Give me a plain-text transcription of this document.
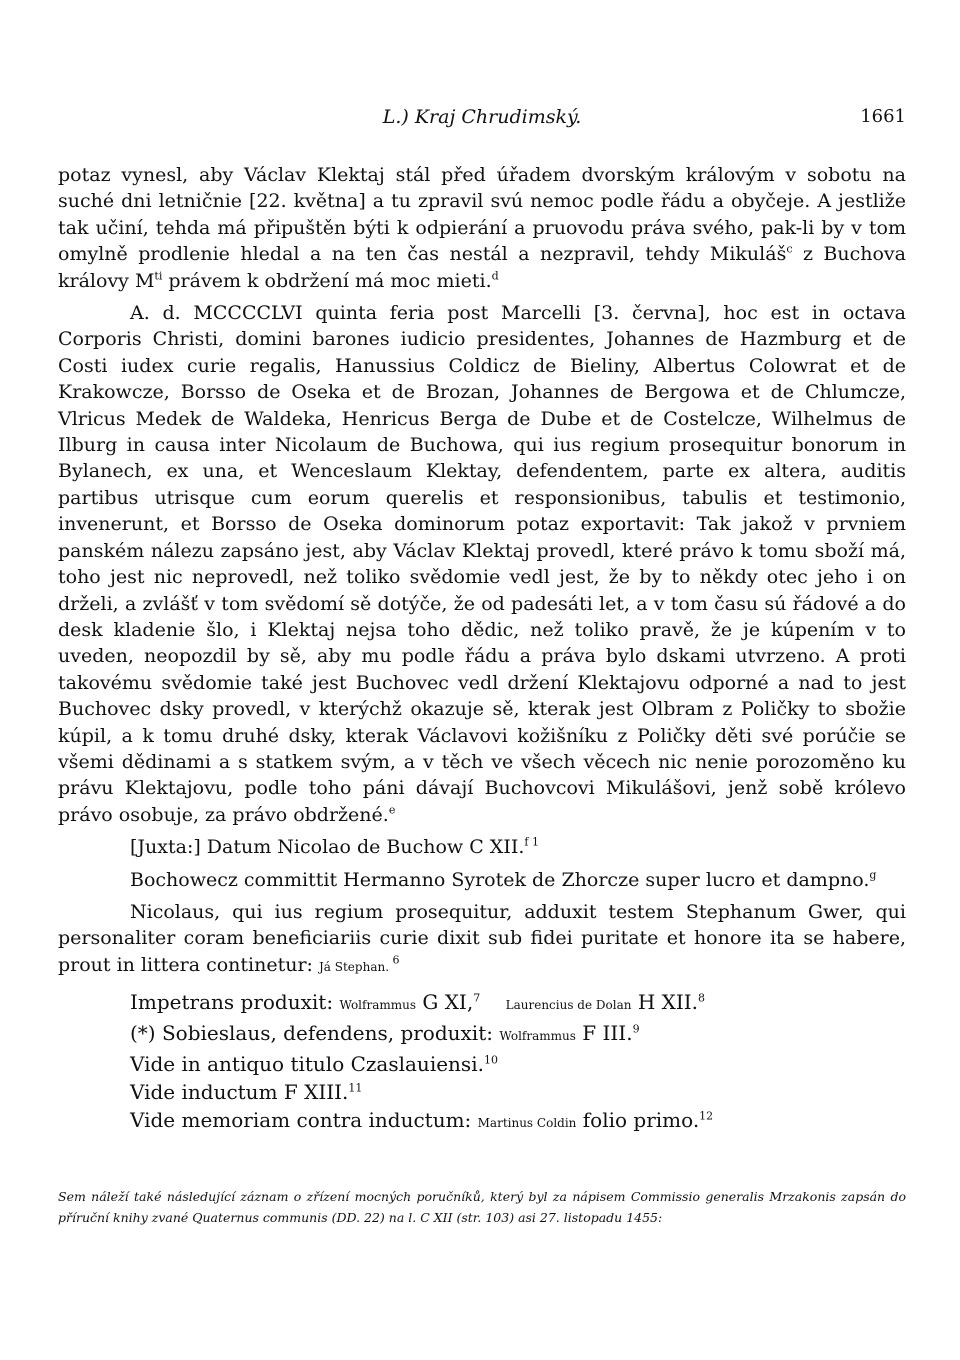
L.) Kraj Chrudimský.	1661

potaz vynesl, aby Václav Klektaj stál před úřadem dvorským královým v sobotu na suché dni letničnie [22. května] a tu zpravil svú nemoc podle řádu a obyčeje. A jestliže tak učiní, tehda má připuštěn býti k odpierání a pruovodu práva svého, pak-li by v tom omylně prodlenie hledal a na ten čas nestál a nezpravil, tehdy Mikuláš$^c$ z Buchova královy $M^{ti}$ právem k obdržení má moc mieti.$^d$

A. d. MCCCCLVI quinta feria post Marcelli [3. června], hoc est in octava Corporis Christi, domini barones iudicio presidentes, Johannes de Hazmburg et de Costi iudex curie regalis, Hanussius Coldicz de Bieliny, Albertus Colowrat et de Krakowcze, Borsso de Oseka et de Brozan, Johannes de Bergowa et de Chlumcze, Vlricus Medek de Waldeka, Henricus Berga de Dube et de Costelcze, Wilhelmus de Ilburg in causa inter Nicolaum de Buchowa, qui ius regium prosequitur bonorum in Bylanech, ex una, et Wenceslaum Klektay, defendentem, parte ex altera, auditis partibus utrisque cum eorum querelis et responsionibus, tabulis et testimonio, invenerunt, et Borsso de Oseka dominorum potaz exportavit: Tak jakož v prvniem panském nálezu zapsáno jest, aby Václav Klektaj provedl, které právo k tomu sboží má, toho jest nic neprovedl, než toliko svědomie vedl jest, že by to někdy otec jeho i on drželi, a zvlášť v tom svědomí sě dotýče, že od padesáti let, a v tom času sú řádové a do desk kladenie šlo, i Klektaj nejsa toho dědic, než toliko pravě, že je kúpením v to uveden, neopozdil by sě, aby mu podle řádu a práva bylo dskami utvrzeno. A proti takovému svědomie také jest Buchovec vedl držení Klektajovu odporné a nad to jest Buchovec dsky provedl, v kterýchž okazuje sě, kterak jest Olbram z Poličky to sbožie kúpil, a k tomu druhé dsky, kterak Václavovi kožišníku z Poličky děti své porúčie se všemi dědinami a s statkem svým, a v těch ve všech věcech nic nenie porozoměno ku právu Klektajovu, podle toho páni dávají Buchovcovi Mikulášovi, jenž sobě królevo právo osobuje, za právo obdržené.$^e$

[Juxta:] Datum Nicolao de Buchow C XII.$^{f 1}$

Bochowecz committit Hermanno Syrotek de Zhorcze super lucro et dampno.$^g$

Nicolaus, qui ius regium prosequitur, adduxit testem Stephanum Gwer, qui personaliter coram beneficiariis curie dixit sub fidei puritate et honore ita se habere, prout in littera continetur: Já Stephan. $^6$

Impetrans produxit: Wolframmus G XI,$^7$    Laurencius de Dolan H XII.$^8$
(*) Sobieslaus, defendens, produxit: Wolframmus F III.$^9$
Vide in antiquo titulo Czaslauiensi.$^{10}$
Vide inductum F XIII.$^{11}$
Vide memoriam contra inductum: Martinus Coldin folio primo.$^{12}$
Sem náleží také následující záznam o zřízení mocných poručníků, který byl za nápisem Commissio generalis Mrzakonis zapsán do příruční knihy zvané Quaternus communis (DD. 22) na l. C XII (str. 103) asi 27. listopadu 1455:
